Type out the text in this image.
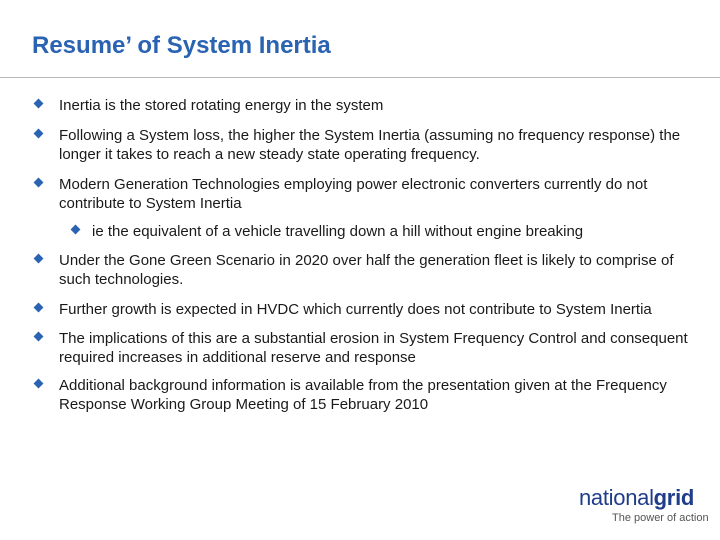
Resume’ of System Inertia
Inertia is the stored rotating energy in the system
Following a System loss, the higher the System Inertia (assuming no frequency response) the longer it takes to reach a new steady state operating frequency.
Modern Generation Technologies employing power electronic converters currently do not contribute to System Inertia
ie the equivalent of a vehicle travelling down a hill without engine breaking
Under the Gone Green Scenario in 2020 over half the generation fleet is likely to comprise of such technologies.
Further growth is expected in HVDC which currently does not contribute to System Inertia
The implications of this are a substantial erosion in System Frequency Control and consequent required increases in additional reserve and response
Additional background information is available from the presentation given at the Frequency Response Working Group Meeting of 15 February 2010
nationalgrid
The power of action
